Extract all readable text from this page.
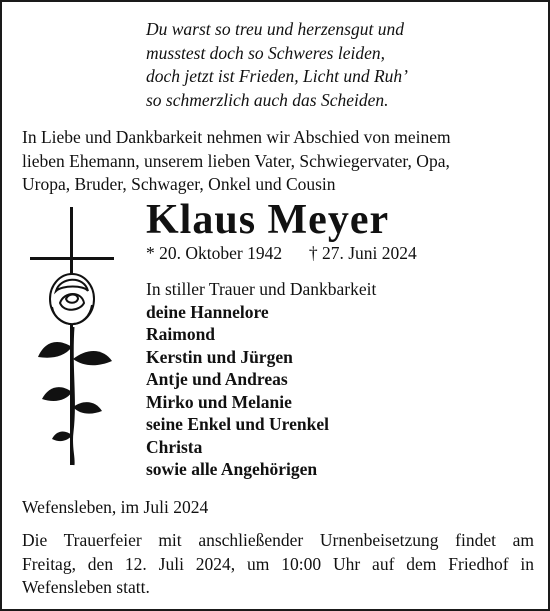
Du warst so treu und herzensgut und
musstest doch so Schweres leiden,
doch jetzt ist Frieden, Licht und Ruh’
so schmerzlich auch das Scheiden.
In Liebe und Dankbarkeit nehmen wir Abschied von meinem
lieben Ehemann, unserem lieben Vater, Schwiegervater, Opa,
Uropa, Bruder, Schwager, Onkel und Cousin
Klaus Meyer
* 20. Oktober 1942 † 27. Juni 2024
In stiller Trauer und Dankbarkeit
deine Hannelore
Raimond
Kerstin und Jürgen
Antje und Andreas
Mirko und Melanie
seine Enkel und Urenkel
Christa
sowie alle Angehörigen
Wefensleben, im Juli 2024
Die Trauerfeier mit anschließender Urnenbeisetzung findet am
Freitag, den 12. Juli 2024, um 10:00 Uhr auf dem Friedhof in
Wefensleben statt.
